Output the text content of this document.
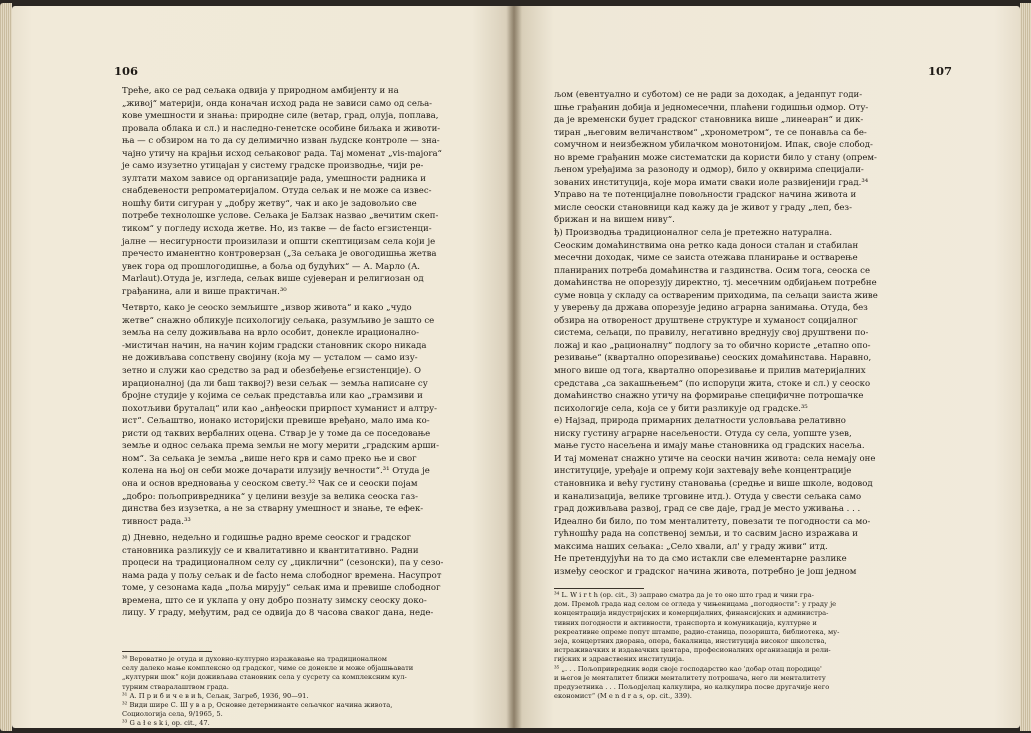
106
Треће, ако се рад сељака одвија у природном амбијенту и на
„живој“ материји, онда коначан исход рада не зависи само од сеља-
кове умешности и знања: природне силе (ветар, град, олуја, поплава,
провала облака и сл.) и наследно-генетске особине биљака и животи-
ња — с обзиром на то да су делимично изван људске контроле — зна-
чајно утичу на крајњи исход сељаковог рада. Тај моменат „vis-majora“
је само изузетно утицајан у систему градске производње, чији ре-
зултати махом зависе од организације рада, умешности радника и
снабдевености репроматеријалом. Отуда сељак и не може са извес-
ношћу бити сигуран у „добру жетву“, чак и ако је задовољио све
потребе технолошке услове. Сељака је Балзак назвао „вечитим скеп-
тиком“ у погледу исхода жетве. Но, из такве — de facto егзистенци-
јалне — несигурности произилази и општи скептицизам села који је
пречесто иманентно контроверзан („За сељака је овогодишња жетва
увек гора од прошлогодишње, а боља од будућих“ — А. Марло (A.
Marlaut).Отуда је, изгледа, сељак више сујеверан и религиозан од
грађанина, али и више практичан.³⁰

Четврто, како је сеоско земљиште „извор живота“ и како „чудо
жетве“ снажно обликује психологију сељака, разумљиво је зашто се
земља на селу доживљава на врло особит, донекле ирационално-
-мистичан начин, на начин којим градски становник скоро никада
не доживљава сопствену својину (која му — усталом — само изу-
зетно и служи као средство за рад и обезбеђење егзистенције). О
ирационалној (да ли баш таквој?) вези сељак — земља написане су
бројне студије у којима се сељак представља или као „грамзиви и
похотљиви бруталац“ или као „анђеоски прирпост хуманист и алтру-
ист“. Сељаштво, ионако историјски превише вређано, мало има ко-
ристи од таквих вербалних оцена. Ствар је у томе да се поседовање
земље и однос сељака према земљи не могу мерити „градским арши-
ном“. За сељака је земља „више него крв и само преко ње и свог
колена на њој он себи може дочарати илузију вечности“.³¹ Отуда је
она и основ вредновања у сеоском свету.³² Чак се и сеоски појам
„добро: пољопривредника“ у целини везује за велика сеоска газ-
динства без изузетка, а не за стварну умешност и знање, те ефек-
тивност рада.³³

д) Дневно, недељно и годишње радно време сеоског и градског
становника разликују се и квалитативно и квантитативно. Радни
процеси на традиционалном селу су „циклични“ (сезонски), па у сезо-
нама рада у пољу сељак и de facto нема слободног времена. Насупрот
томе, у сезонама када „поља мирују“ сељак има и превише слободног
времена, што се и уклапа у ону добро познату зимску сеоску доко-
лицу. У граду, међутим, рад се одвија до 8 часова сваког дана, неде-
³⁰ Вероватно је отуда и духовно-културно изражавање на традиционалном
селу далеко мање комплексно од градског, чиме се донекле и може објашњавати
„културни шок“ који доживљава становник села у сусрету са комплексним кул-
турним стваралаштвом града.
³¹ А. П р и б и ч е в и ћ, Сељак, Загреб, 1936, 90—91.
³² Види шире С. Ш у в а р, Основне детерминанте сељачког начина живота,
Социологија села, 9/1965, 5.
³³ G a ł e s k i, op. cit., 47.
107
љом (евентуално и суботом) се не ради за доходак, а једанпут годи-
шње грађанин добија и једномесечни, плаћени годишњи одмор. Оту-
да је временски буџет градског становника више „линеаран“ и дик-
тиран „његовим величанством“ „хронометром“, те се понавља са бе-
сомучном и неизбежном убилачком монотонијом. Ипак, своје слобод-
но време грађанин може систематски да користи било у стану (опрем-
љеном уређајима за разоноду и одмор), било у оквирима специјали-
зованих институција, које мора имати сваки иоле развијенији град.³⁴
Управо на те потенцијалне повољности градског начина живота и
мисле сеоски становници кад кажу да је живот у граду „леп, без-
брижан и на вишем ниву“.
ђ) Производња традиционалног села је претежно натурална.
Сеоским домаћинствима она ретко када доноси сталан и стабилан
месечни доходак, чиме се заиста отежава планирање и остварење
планираних потреба домаћинства и газдинства. Осим тога, сеоска се
домаћинства не опорезују директно, тј. месечним одбијањем потребне
суме новца у складу са оствареним приходима, па сељаци заиста живе
у уверењу да држава опорезује једино аграрна занимања. Отуда, без
обзира на отвореност друштвене структуре и хуманост социјалног
система, сељаци, по правилу, негативно вреднују свој друштвени по-
ложај и као „рационалну“ подлогу за то обично користе „етапно опо-
резивање“ (квартално опорезивање) сеоских домаћинстава. Наравно,
много више од тога, квартално опорезивање и прилив материјалних
средстава „са закашњењем“ (по испоруци жита, стоке и сл.) у сеоско
домаћинство снажно утичу на формирање специфичне потрошачке
психологије села, која се у бити разликује од градске.³⁵
е) Најзад, природа примарних делатности условљава релативно
ниску густину аграрне насељености. Отуда су села, уопште узев,
мање густо насељена и имају мање становника од градских насеља.
И тај моменат снажно утиче на сеоски начин живота: села немају оне
институције, уређаје и опрему који захтевају веће концентрације
становника и већу густину становања (средње и више школе, водовод
и канализација, велике трговине итд.). Отуда у свести сељака само
град доживљава развој, град се све даје, град је место уживања . . .
Идеално би било, по том менталитету, повезати те погодности са мо-
гућношћу рада на сопственој земљи, и то сасвим јасно изражава и
максима наших сељака: „Село хвали, ал' у граду живи“ итд.
Не претендујући на то да смо истакли све елементарне разлике
између сеоског и градског начина живота, потребно је још једном
³⁴ L. W i r t h (op. cit., 3) заправо сматра да је то оно што град и чини гра-
дом. Премоћ града над селом се огледа у чињеницама „погодности“: у граду је
концентрација индустријских и комерцијалних, финансијских и администра-
тивних погодности и активности, транспорта и комуникација, културне и
рекреативне опреме попут штампе, радио-станица, позоришта, библиотека, му-
зеја, концертних дворана, опера, бакалница, институција високог школства,
истраживачких и издавачких центара, професионалних организација и рели-
гијских и здравствених институција.
³⁵ „. . . Пољопривредник води своје господарство као 'добар отац породице'
и његов је менталитет ближи менталитету потрошача, него ли менталитету
предузетника . . . Пољодјелац калкулира, но калкулира посве другачије него
економист“ (M e n d r a s, op. cit., 339).
